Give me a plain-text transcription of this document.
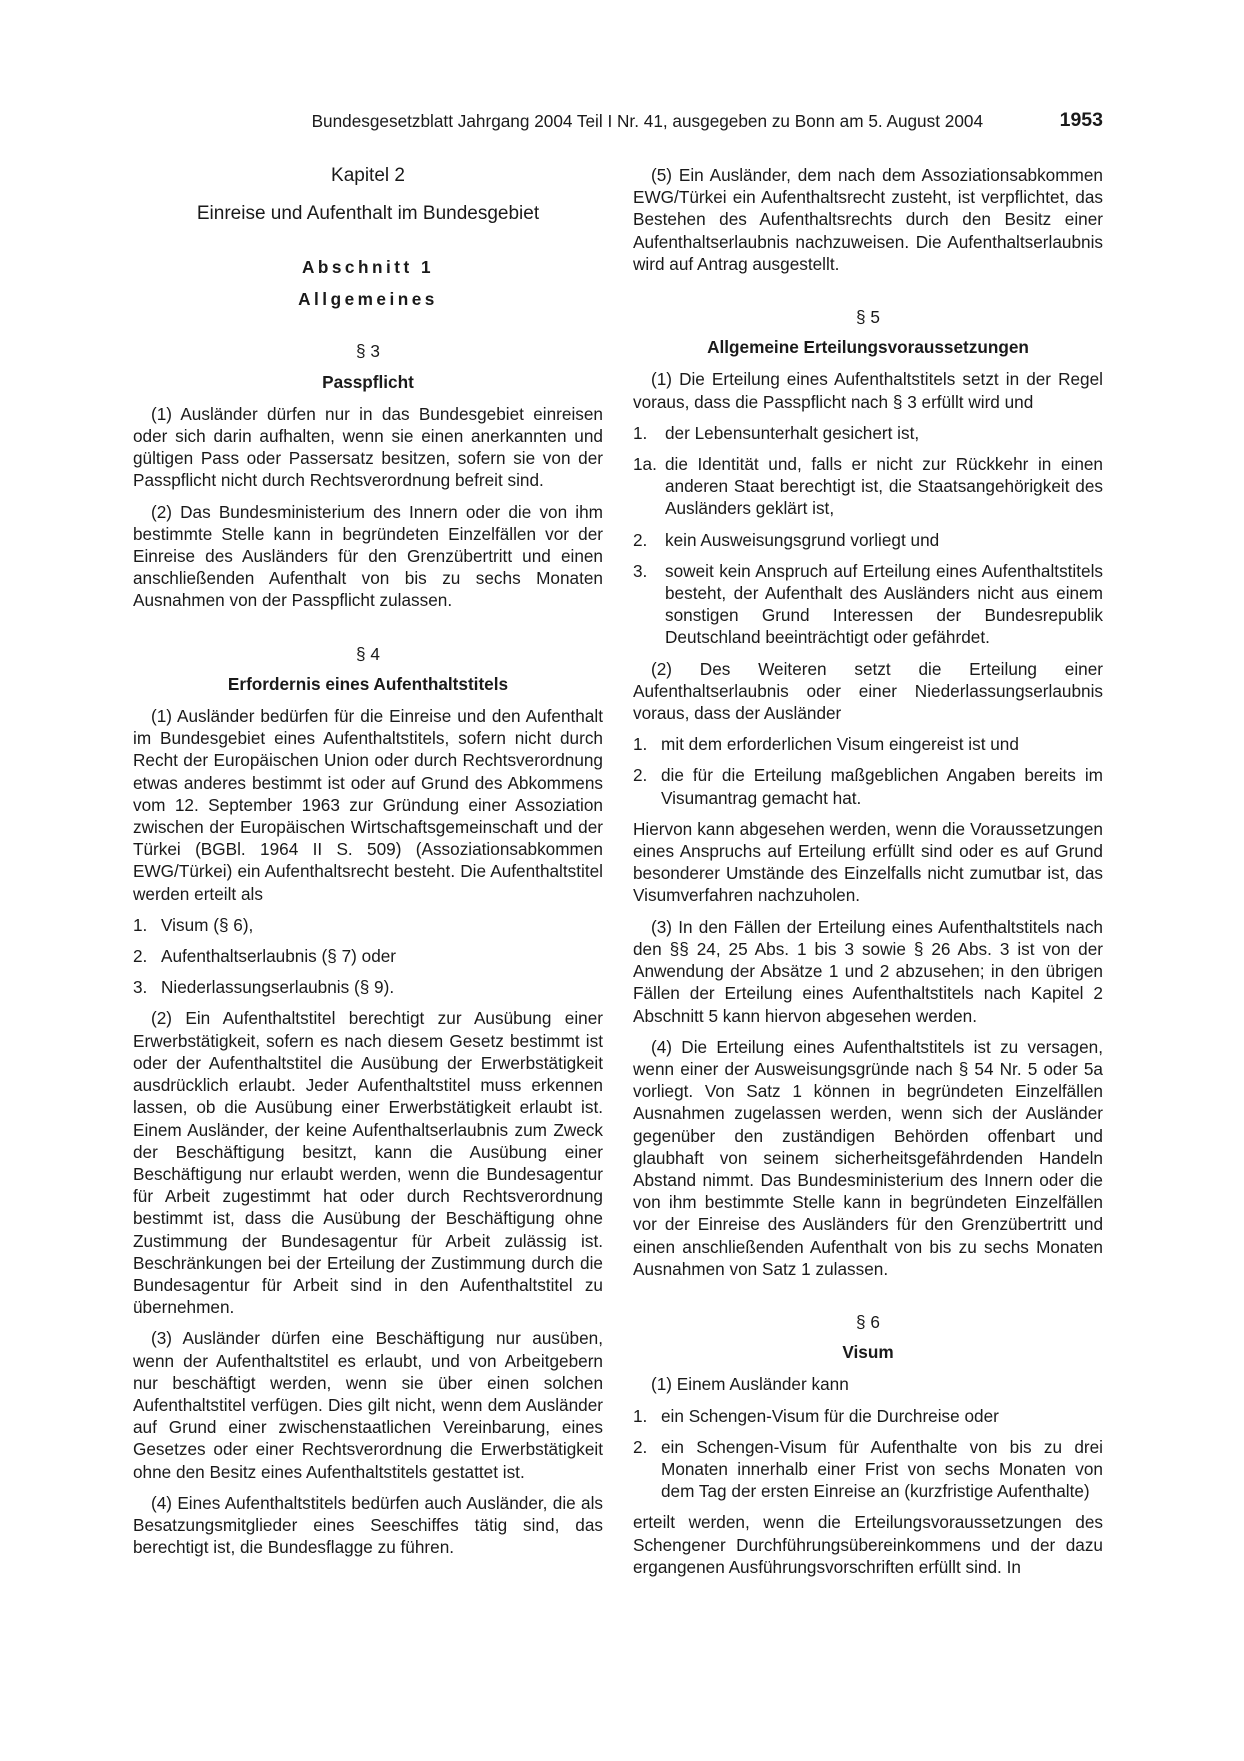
Bundesgesetzblatt Jahrgang 2004 Teil I Nr. 41, ausgegeben zu Bonn am 5. August 2004	1953

Kapitel 2

Einreise und Aufenthalt im Bundesgebiet

Abschnitt 1

Allgemeines

§ 3

Passpflicht

(1) Ausländer dürfen nur in das Bundesgebiet einreisen oder sich darin aufhalten, wenn sie einen anerkannten und gültigen Pass oder Passersatz besitzen, sofern sie von der Passpflicht nicht durch Rechtsverordnung befreit sind.

(2) Das Bundesministerium des Innern oder die von ihm bestimmte Stelle kann in begründeten Einzelfällen vor der Einreise des Ausländers für den Grenzübertritt und einen anschließenden Aufenthalt von bis zu sechs Monaten Ausnahmen von der Passpflicht zulassen.

§ 4

Erfordernis eines Aufenthaltstitels

(1) Ausländer bedürfen für die Einreise und den Aufenthalt im Bundesgebiet eines Aufenthaltstitels, sofern nicht durch Recht der Europäischen Union oder durch Rechtsverordnung etwas anderes bestimmt ist oder auf Grund des Abkommens vom 12. September 1963 zur Gründung einer Assoziation zwischen der Europäischen Wirtschaftsgemeinschaft und der Türkei (BGBl. 1964 II S. 509) (Assoziationsabkommen EWG/Türkei) ein Aufenthaltsrecht besteht. Die Aufenthaltstitel werden erteilt als

1. Visum (§ 6),
2. Aufenthaltserlaubnis (§ 7) oder
3. Niederlassungserlaubnis (§ 9).

(2) Ein Aufenthaltstitel berechtigt zur Ausübung einer Erwerbstätigkeit, sofern es nach diesem Gesetz bestimmt ist oder der Aufenthaltstitel die Ausübung der Erwerbstätigkeit ausdrücklich erlaubt. Jeder Aufenthaltstitel muss erkennen lassen, ob die Ausübung einer Erwerbstätigkeit erlaubt ist. Einem Ausländer, der keine Aufenthaltserlaubnis zum Zweck der Beschäftigung besitzt, kann die Ausübung einer Beschäftigung nur erlaubt werden, wenn die Bundesagentur für Arbeit zugestimmt hat oder durch Rechtsverordnung bestimmt ist, dass die Ausübung der Beschäftigung ohne Zustimmung der Bundesagentur für Arbeit zulässig ist. Beschränkungen bei der Erteilung der Zustimmung durch die Bundesagentur für Arbeit sind in den Aufenthaltstitel zu übernehmen.

(3) Ausländer dürfen eine Beschäftigung nur ausüben, wenn der Aufenthaltstitel es erlaubt, und von Arbeitgebern nur beschäftigt werden, wenn sie über einen solchen Aufenthaltstitel verfügen. Dies gilt nicht, wenn dem Ausländer auf Grund einer zwischenstaatlichen Vereinbarung, eines Gesetzes oder einer Rechtsverordnung die Erwerbstätigkeit ohne den Besitz eines Aufenthaltstitels gestattet ist.

(4) Eines Aufenthaltstitels bedürfen auch Ausländer, die als Besatzungsmitglieder eines Seeschiffes tätig sind, das berechtigt ist, die Bundesflagge zu führen.

(5) Ein Ausländer, dem nach dem Assoziationsabkommen EWG/Türkei ein Aufenthaltsrecht zusteht, ist verpflichtet, das Bestehen des Aufenthaltsrechts durch den Besitz einer Aufenthaltserlaubnis nachzuweisen. Die Aufenthaltserlaubnis wird auf Antrag ausgestellt.

§ 5

Allgemeine Erteilungsvoraussetzungen

(1) Die Erteilung eines Aufenthaltstitels setzt in der Regel voraus, dass die Passpflicht nach § 3 erfüllt wird und

1.	der Lebensunterhalt gesichert ist,
1a. die Identität und, falls er nicht zur Rückkehr in einen anderen Staat berechtigt ist, die Staatsangehörigkeit des Ausländers geklärt ist,
2.	kein Ausweisungsgrund vorliegt und
3.	soweit kein Anspruch auf Erteilung eines Aufenthaltstitels besteht, der Aufenthalt des Ausländers nicht aus einem sonstigen Grund Interessen der Bundesrepublik Deutschland beeinträchtigt oder gefährdet.

(2) Des Weiteren setzt die Erteilung einer Aufenthaltserlaubnis oder einer Niederlassungserlaubnis voraus, dass der Ausländer

1. mit dem erforderlichen Visum eingereist ist und
2. die für die Erteilung maßgeblichen Angaben bereits im Visumantrag gemacht hat.

Hiervon kann abgesehen werden, wenn die Voraussetzungen eines Anspruchs auf Erteilung erfüllt sind oder es auf Grund besonderer Umstände des Einzelfalls nicht zumutbar ist, das Visumverfahren nachzuholen.

(3) In den Fällen der Erteilung eines Aufenthaltstitels nach den §§ 24, 25 Abs. 1 bis 3 sowie § 26 Abs. 3 ist von der Anwendung der Absätze 1 und 2 abzusehen; in den übrigen Fällen der Erteilung eines Aufenthaltstitels nach Kapitel 2 Abschnitt 5 kann hiervon abgesehen werden.

(4) Die Erteilung eines Aufenthaltstitels ist zu versagen, wenn einer der Ausweisungsgründe nach § 54 Nr. 5 oder 5a vorliegt. Von Satz 1 können in begründeten Einzelfällen Ausnahmen zugelassen werden, wenn sich der Ausländer gegenüber den zuständigen Behörden offenbart und glaubhaft von seinem sicherheitsgefährdenden Handeln Abstand nimmt. Das Bundesministerium des Innern oder die von ihm bestimmte Stelle kann in begründeten Einzelfällen vor der Einreise des Ausländers für den Grenzübertritt und einen anschließenden Aufenthalt von bis zu sechs Monaten Ausnahmen von Satz 1 zulassen.

§ 6

Visum

(1) Einem Ausländer kann

1. ein Schengen-Visum für die Durchreise oder
2. ein Schengen-Visum für Aufenthalte von bis zu drei Monaten innerhalb einer Frist von sechs Monaten von dem Tag der ersten Einreise an (kurzfristige Aufenthalte)

erteilt werden, wenn die Erteilungsvoraussetzungen des Schengener Durchführungsübereinkommens und der dazu ergangenen Ausführungsvorschriften erfüllt sind. In
